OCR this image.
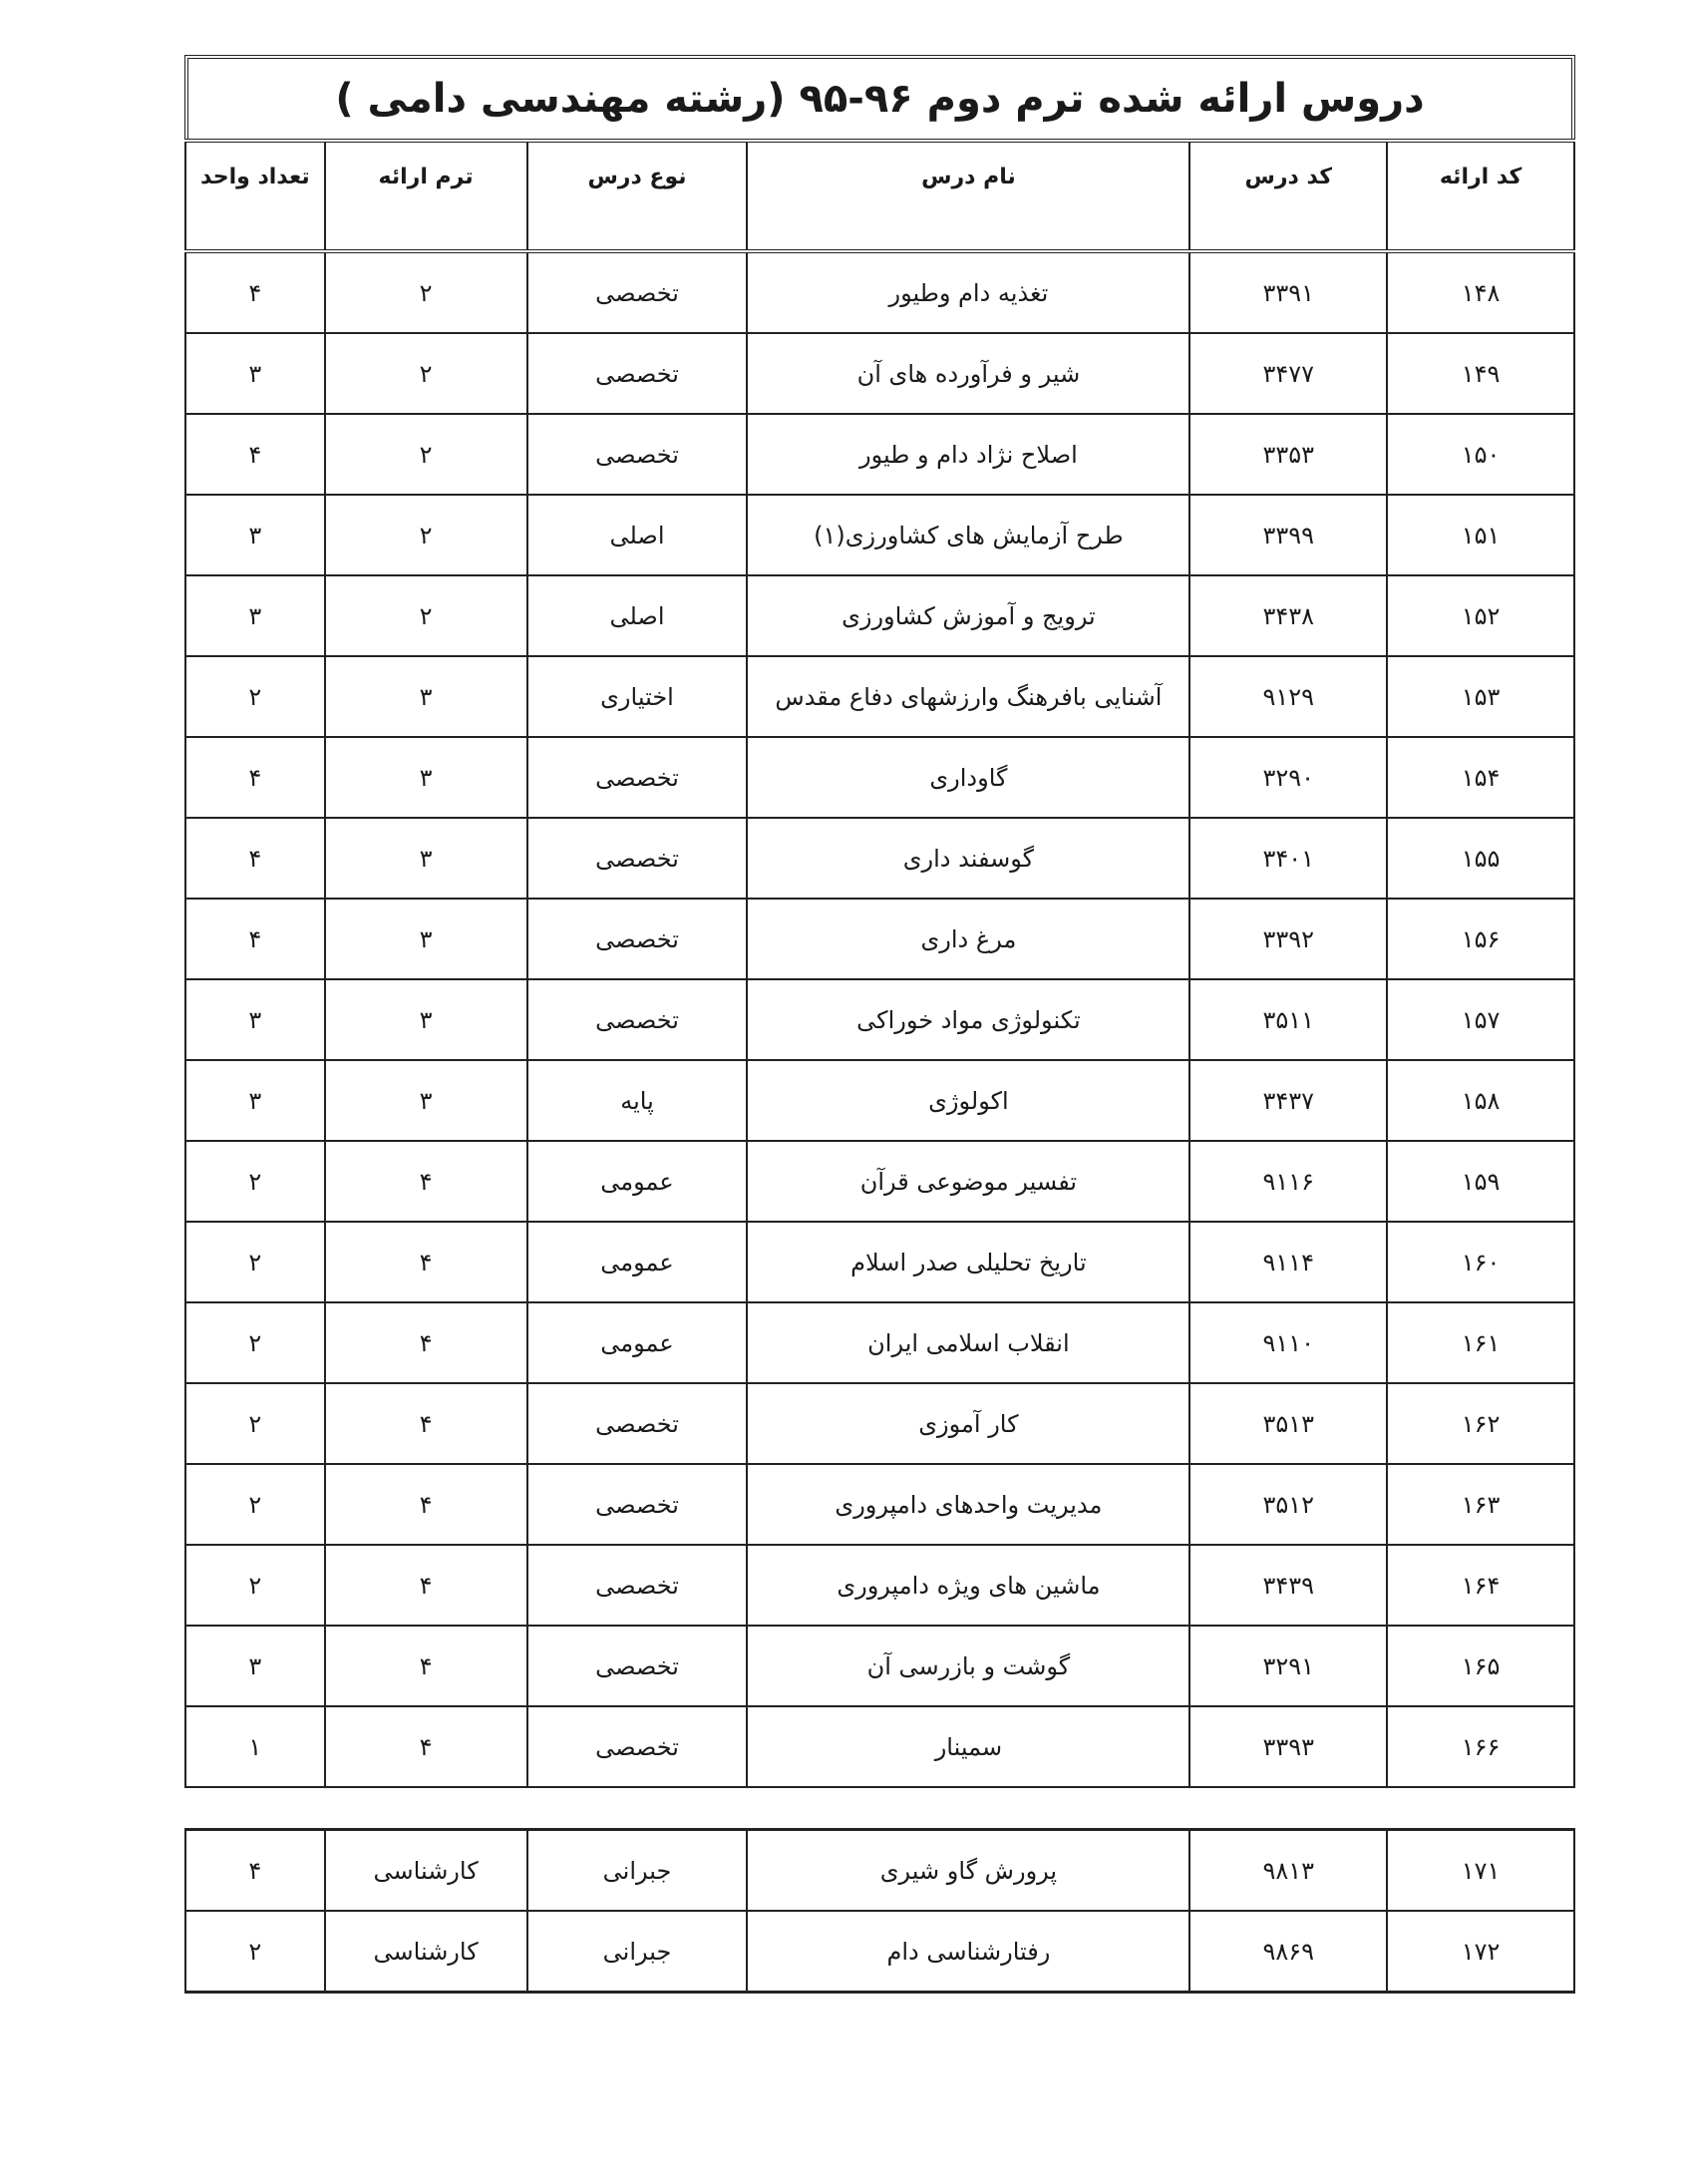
دروس ارائه شده ترم دوم ۹۶-۹۵ (رشته مهندسی دامی )
کد ارائه	کد درس	نام درس	نوع درس	ترم ارائه	تعداد واحد
۱۴۸	۳۳۹۱	تغذیه دام وطیور	تخصصی	۲	۴
۱۴۹	۳۴۷۷	شیر و فرآورده های آن	تخصصی	۲	۳
۱۵۰	۳۳۵۳	اصلاح نژاد دام و طیور	تخصصی	۲	۴
۱۵۱	۳۳۹۹	طرح آزمایش های کشاورزی(۱)	اصلی	۲	۳
۱۵۲	۳۴۳۸	ترویج و آموزش کشاورزی	اصلی	۲	۳
۱۵۳	۹۱۲۹	آشنایی بافرهنگ وارزشهای دفاع مقدس	اختیاری	۳	۲
۱۵۴	۳۲۹۰	گاوداری	تخصصی	۳	۴
۱۵۵	۳۴۰۱	گوسفند داری	تخصصی	۳	۴
۱۵۶	۳۳۹۲	مرغ داری	تخصصی	۳	۴
۱۵۷	۳۵۱۱	تکنولوژی مواد خوراکی	تخصصی	۳	۳
۱۵۸	۳۴۳۷	اکولوژی	پایه	۳	۳
۱۵۹	۹۱۱۶	تفسیر موضوعی قرآن	عمومی	۴	۲
۱۶۰	۹۱۱۴	تاریخ تحلیلی صدر اسلام	عمومی	۴	۲
۱۶۱	۹۱۱۰	انقلاب اسلامی ایران	عمومی	۴	۲
۱۶۲	۳۵۱۳	کار آموزی	تخصصی	۴	۲
۱۶۳	۳۵۱۲	مدیریت واحدهای دامپروری	تخصصی	۴	۲
۱۶۴	۳۴۳۹	ماشین های ویژه دامپروری	تخصصی	۴	۲
۱۶۵	۳۲۹۱	گوشت و بازرسی آن	تخصصی	۴	۳
۱۶۶	۳۳۹۳	سمینار	تخصصی	۴	۱
۱۷۱	۹۸۱۳	پرورش گاو شیری	جبرانی	کارشناسی	۴
۱۷۲	۹۸۶۹	رفتارشناسی دام	جبرانی	کارشناسی	۲
